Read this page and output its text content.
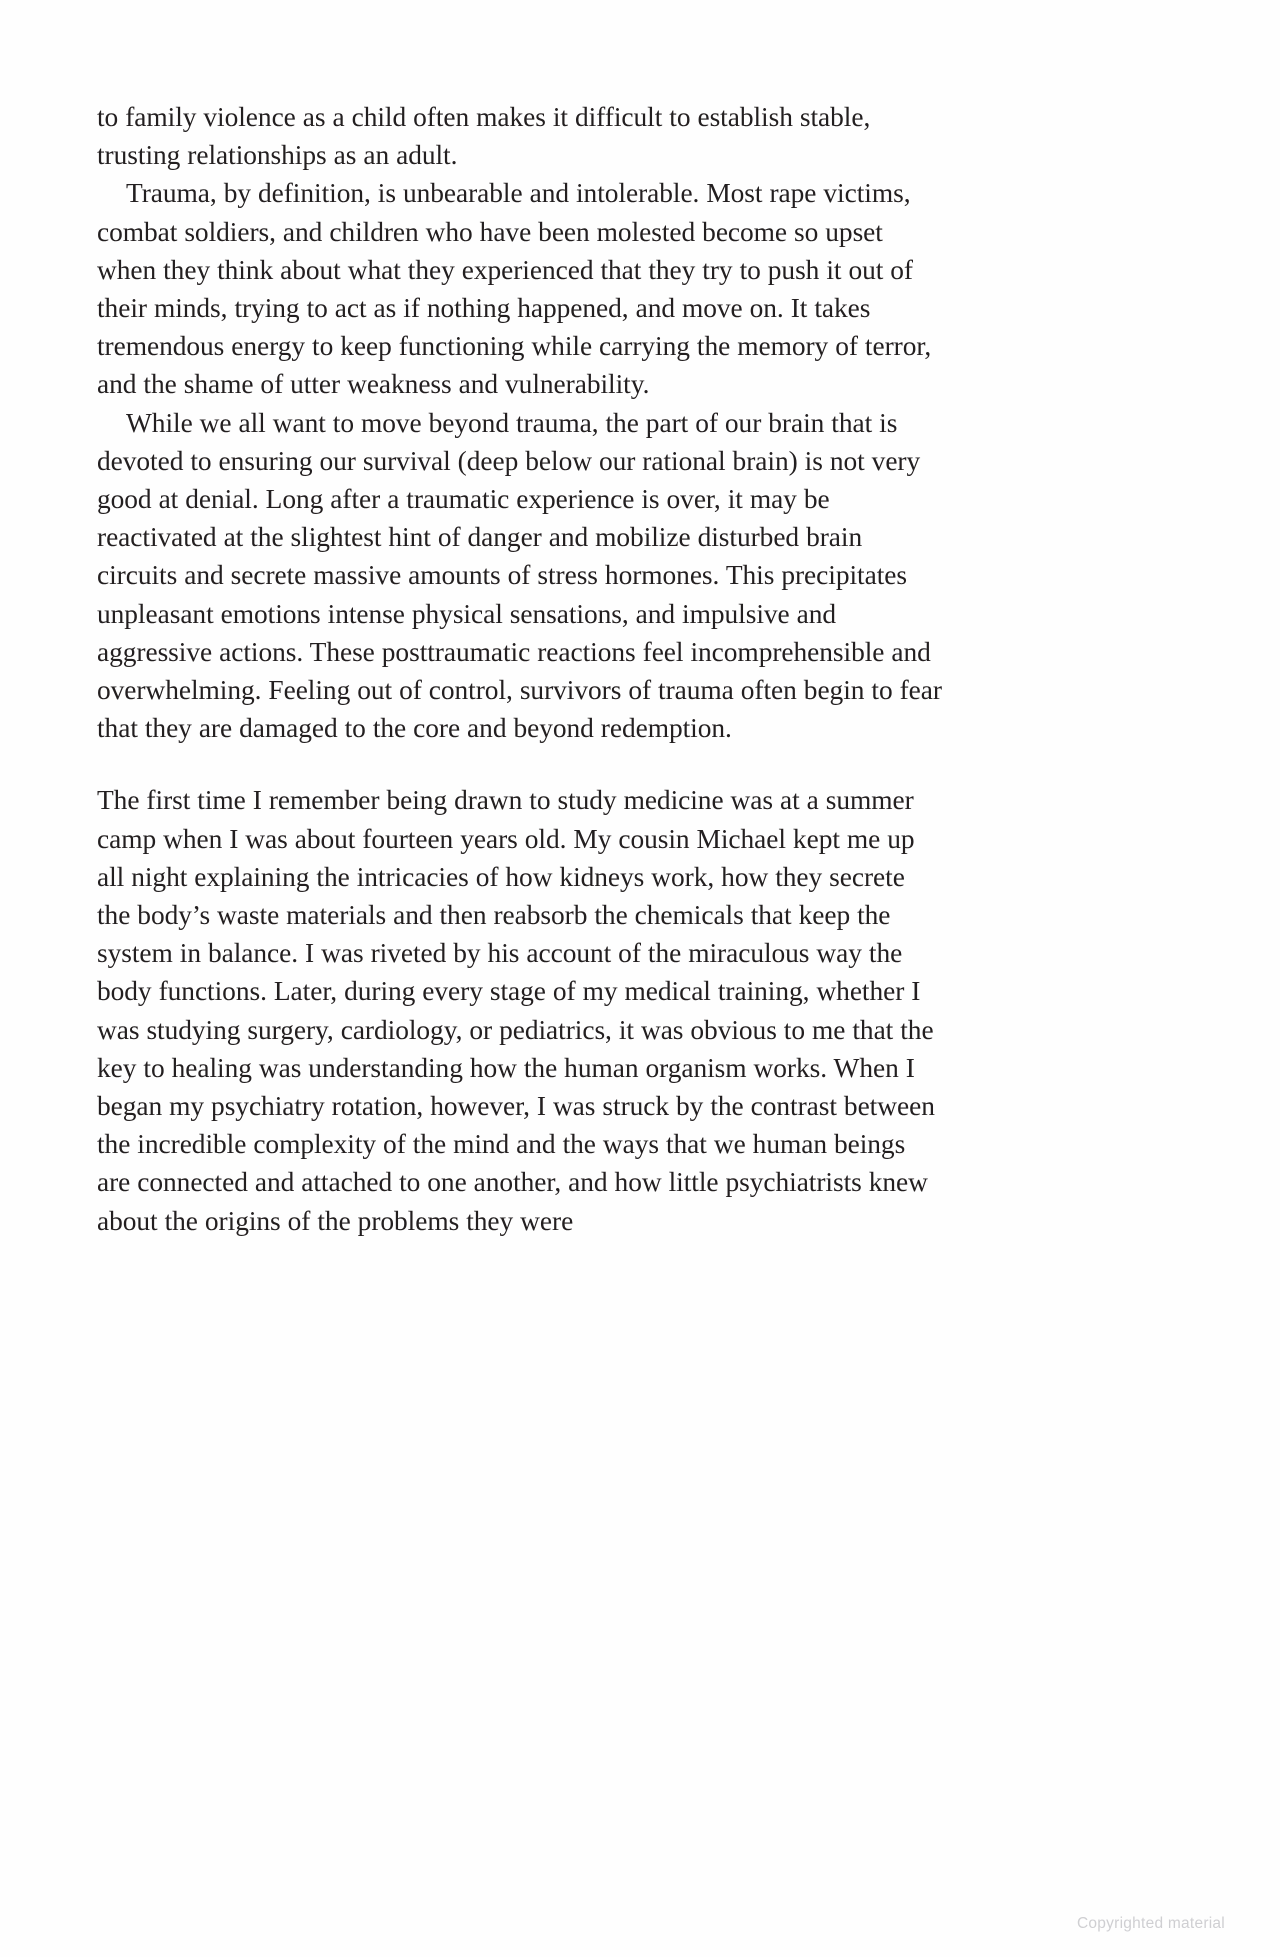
to family violence as a child often makes it difficult to establish stable, trusting relationships as an adult.

Trauma, by definition, is unbearable and intolerable. Most rape victims, combat soldiers, and children who have been molested become so upset when they think about what they experienced that they try to push it out of their minds, trying to act as if nothing happened, and move on. It takes tremendous energy to keep functioning while carrying the memory of terror, and the shame of utter weakness and vulnerability.

While we all want to move beyond trauma, the part of our brain that is devoted to ensuring our survival (deep below our rational brain) is not very good at denial. Long after a traumatic experience is over, it may be reactivated at the slightest hint of danger and mobilize disturbed brain circuits and secrete massive amounts of stress hormones. This precipitates unpleasant emotions intense physical sensations, and impulsive and aggressive actions. These posttraumatic reactions feel incomprehensible and overwhelming. Feeling out of control, survivors of trauma often begin to fear that they are damaged to the core and beyond redemption.

The first time I remember being drawn to study medicine was at a summer camp when I was about fourteen years old. My cousin Michael kept me up all night explaining the intricacies of how kidneys work, how they secrete the body’s waste materials and then reabsorb the chemicals that keep the system in balance. I was riveted by his account of the miraculous way the body functions. Later, during every stage of my medical training, whether I was studying surgery, cardiology, or pediatrics, it was obvious to me that the key to healing was understanding how the human organism works. When I began my psychiatry rotation, however, I was struck by the contrast between the incredible complexity of the mind and the ways that we human beings are connected and attached to one another, and how little psychiatrists knew about the origins of the problems they were

Copyrighted material
